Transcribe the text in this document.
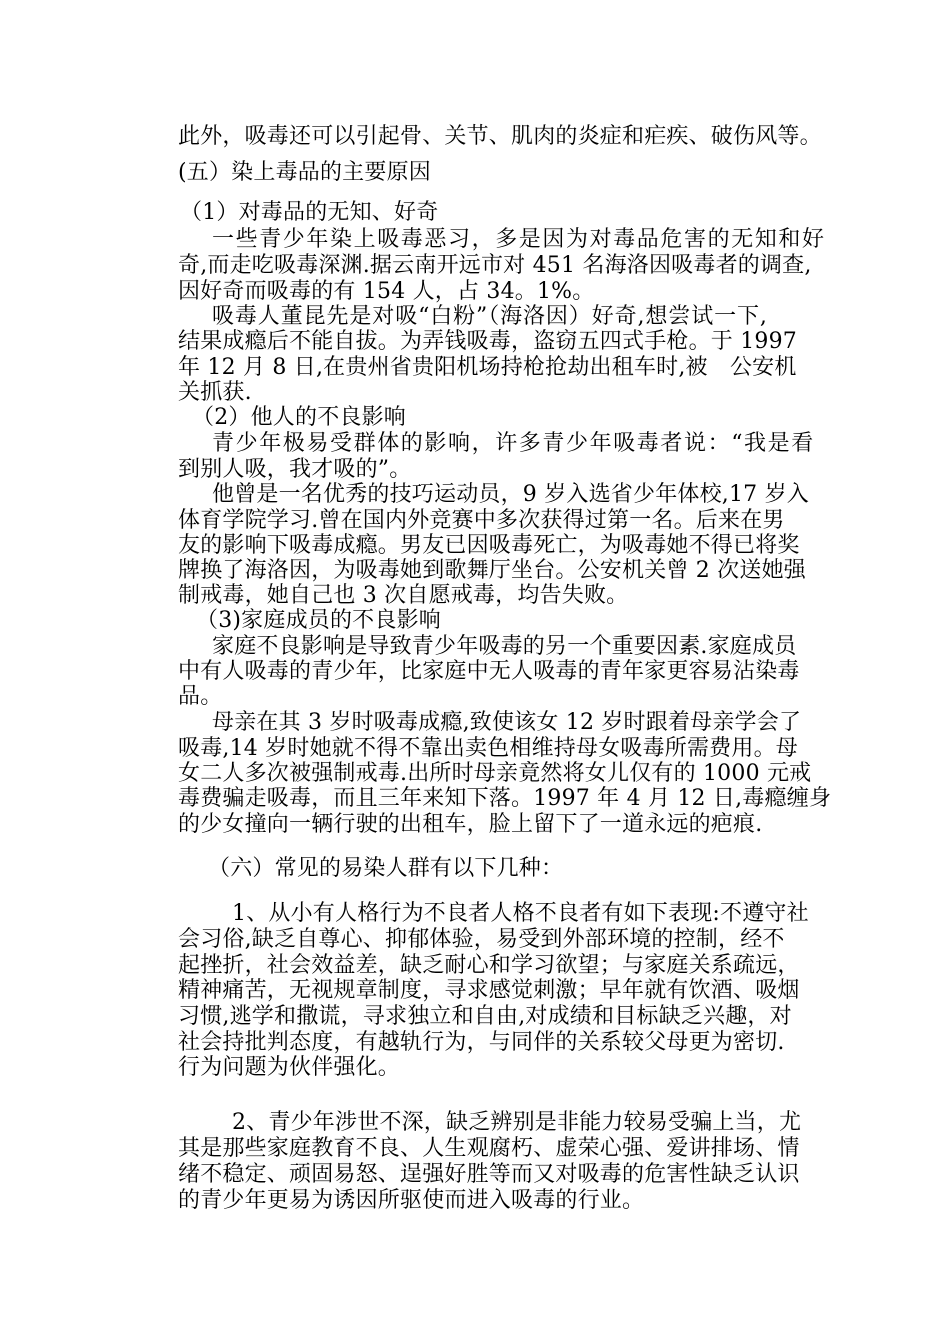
此外，吸毒还可以引起骨、关节、肌肉的炎症和疟疾、破伤风等。
(五）染上毒品的主要原因
（1）对毒品的无知、好奇
一些青少年染上吸毒恶习，多是因为对毒品危害的无知和好
奇,而走吃吸毒深渊.据云南开远市对 451 名海洛因吸毒者的调查,
因好奇而吸毒的有 154 人，占 34。1%。
吸毒人董昆先是对吸“白粉”（海洛因）好奇,想尝试一下,
结果成瘾后不能自拔。为弄钱吸毒，盗窃五四式手枪。于 1997
年 12 月 8 日,在贵州省贵阳机场持枪抢劫出租车时,被　公安机
关抓获.
（2）他人的不良影响
青少年极易受群体的影响，许多青少年吸毒者说：“我是看
到别人吸，我才吸的”。
他曾是一名优秀的技巧运动员，9 岁入选省少年体校,17 岁入
体育学院学习.曾在国内外竞赛中多次获得过第一名。后来在男
友的影响下吸毒成瘾。男友已因吸毒死亡，为吸毒她不得已将奖
牌换了海洛因，为吸毒她到歌舞厅坐台。公安机关曾 2 次送她强
制戒毒，她自己也 3 次自愿戒毒，均告失败。
（3)家庭成员的不良影响
家庭不良影响是导致青少年吸毒的另一个重要因素.家庭成员
中有人吸毒的青少年，比家庭中无人吸毒的青年家更容易沾染毒
品。
母亲在其 3 岁时吸毒成瘾,致使该女 12 岁时跟着母亲学会了
吸毒,14 岁时她就不得不靠出卖色相维持母女吸毒所需费用。母
女二人多次被强制戒毒.出所时母亲竟然将女儿仅有的 1000 元戒
毒费骗走吸毒，而且三年来知下落。1997 年 4 月 12 日,毒瘾缠身
的少女撞向一辆行驶的出租车，脸上留下了一道永远的疤痕.
（六）常见的易染人群有以下几种：
1、从小有人格行为不良者人格不良者有如下表现:不遵守社
会习俗,缺乏自尊心、抑郁体验，易受到外部环境的控制，经不
起挫折，社会效益差，缺乏耐心和学习欲望；与家庭关系疏远，
精神痛苦，无视规章制度，寻求感觉刺激；早年就有饮酒、吸烟
习惯,逃学和撒谎，寻求独立和自由,对成绩和目标缺乏兴趣，对
社会持批判态度，有越轨行为，与同伴的关系较父母更为密切.
行为问题为伙伴强化。
2、青少年涉世不深，缺乏辨别是非能力较易受骗上当，尤
其是那些家庭教育不良、人生观腐朽、虚荣心强、爱讲排场、情
绪不稳定、顽固易怒、逞强好胜等而又对吸毒的危害性缺乏认识
的青少年更易为诱因所驱使而进入吸毒的行业。
